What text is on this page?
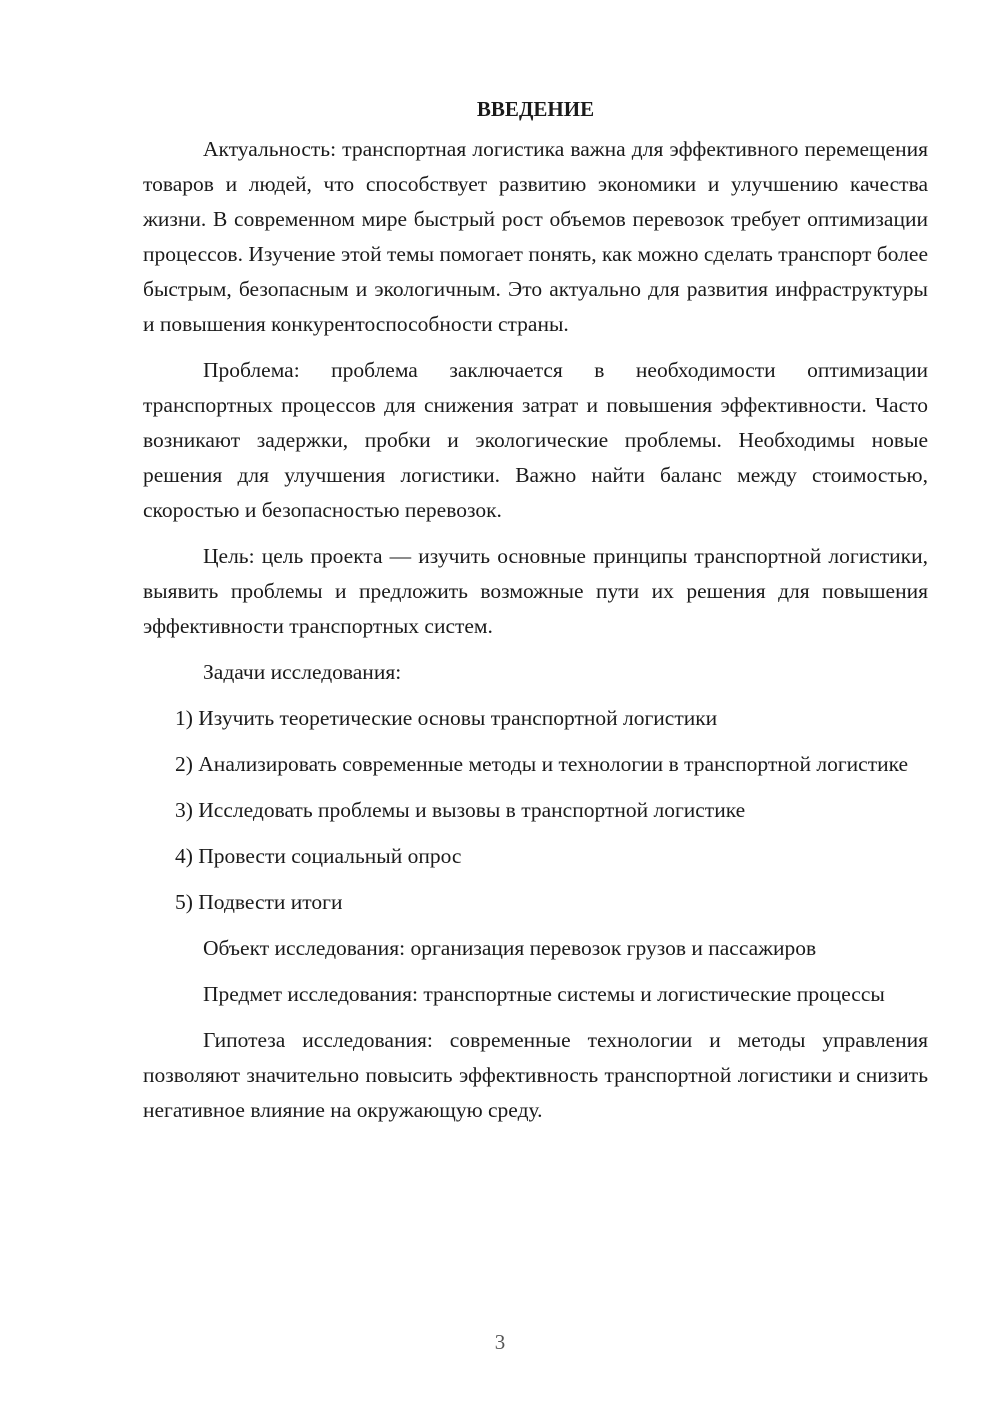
ВВЕДЕНИЕ

Актуальность: транспортная логистика важна для эффективного перемещения товаров и людей, что способствует развитию экономики и улучшению качества жизни. В современном мире быстрый рост объемов перевозок требует оптимизации процессов. Изучение этой темы помогает понять, как можно сделать транспорт более быстрым, безопасным и экологичным. Это актуально для развития инфраструктуры и повышения конкурентоспособности страны.

Проблема: проблема заключается в необходимости оптимизации транспортных процессов для снижения затрат и повышения эффективности. Часто возникают задержки, пробки и экологические проблемы. Необходимы новые решения для улучшения логистики. Важно найти баланс между стоимостью, скоростью и безопасностью перевозок.

Цель: цель проекта — изучить основные принципы транспортной логистики, выявить проблемы и предложить возможные пути их решения для повышения эффективности транспортных систем.

Задачи исследования:

1) Изучить теоретические основы транспортной логистики

2) Анализировать современные методы и технологии в транспортной логистике

3) Исследовать проблемы и вызовы в транспортной логистике

4) Провести социальный опрос

5) Подвести итоги

Объект исследования: организация перевозок грузов и пассажиров

Предмет исследования: транспортные системы и логистические процессы

Гипотеза исследования: современные технологии и методы управления позволяют значительно повысить эффективность транспортной логистики и снизить негативное влияние на окружающую среду.

3
